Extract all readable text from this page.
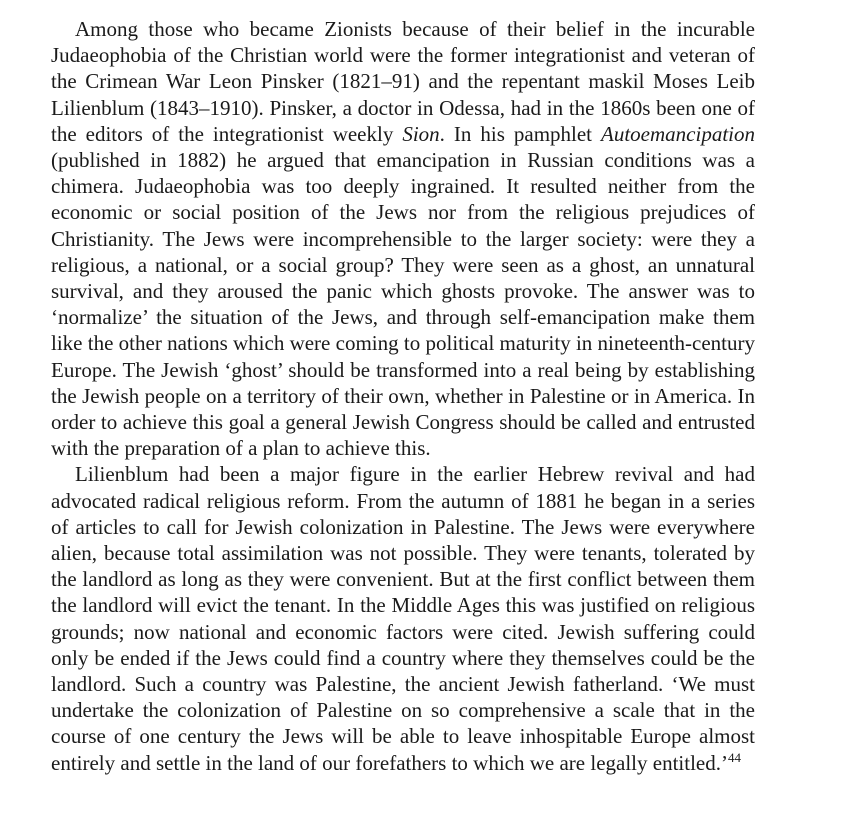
Among those who became Zionists because of their belief in the incurable Judaeophobia of the Christian world were the former integrationist and veteran of the Crimean War Leon Pinsker (1821–91) and the repentant maskil Moses Leib Lilienblum (1843–1910). Pinsker, a doctor in Odessa, had in the 1860s been one of the editors of the integrationist weekly Sion. In his pamphlet Autoemancipation (published in 1882) he argued that emancipation in Russian conditions was a chimera. Judaeophobia was too deeply ingrained. It resulted neither from the economic or social position of the Jews nor from the religious prejudices of Christianity. The Jews were incomprehensible to the larger society: were they a religious, a national, or a social group? They were seen as a ghost, an unnatural survival, and they aroused the panic which ghosts provoke. The answer was to ‘normalize’ the situation of the Jews, and through self-emancipation make them like the other nations which were coming to political maturity in nineteenth-century Europe. The Jewish ‘ghost’ should be transformed into a real being by establishing the Jewish people on a territory of their own, whether in Palestine or in America. In order to achieve this goal a general Jewish Congress should be called and entrusted with the preparation of a plan to achieve this.

Lilienblum had been a major figure in the earlier Hebrew revival and had advocated radical religious reform. From the autumn of 1881 he began in a series of articles to call for Jewish colonization in Palestine. The Jews were everywhere alien, because total assimilation was not possible. They were tenants, tolerated by the landlord as long as they were convenient. But at the first conflict between them the landlord will evict the tenant. In the Middle Ages this was justified on religious grounds; now national and economic factors were cited. Jewish suffering could only be ended if the Jews could find a country where they themselves could be the landlord. Such a country was Palestine, the ancient Jewish fatherland. ‘We must undertake the colonization of Palestine on so comprehensive a scale that in the course of one century the Jews will be able to leave inhospitable Europe almost entirely and settle in the land of our forefathers to which we are legally entitled.’$^{44}$
